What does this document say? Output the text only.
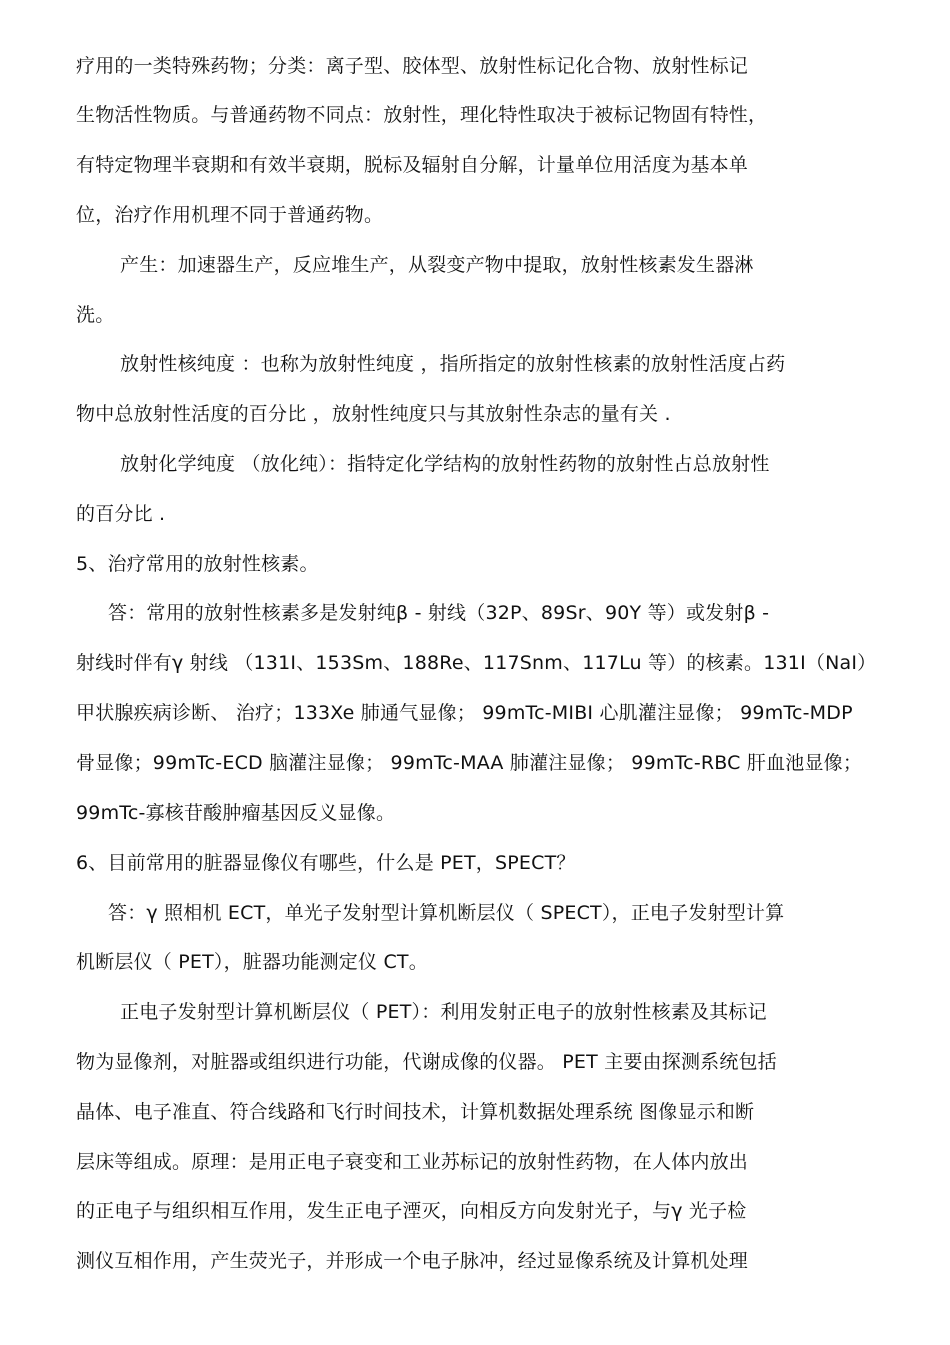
疗用的一类特殊药物；分类：离子型、胶体型、放射性标记化合物、放射性标记
生物活性物质。与普通药物不同点：放射性，理化特性取决于被标记物固有特性，
有特定物理半衰期和有效半衰期，脱标及辐射自分解，计量单位用活度为基本单
位，治疗作用机理不同于普通药物。
产生：加速器生产，反应堆生产，从裂变产物中提取，放射性核素发生器淋
洗。
放射性核纯度 ：也称为放射性纯度 ，指所指定的放射性核素的放射性活度占药
物中总放射性活度的百分比 ，放射性纯度只与其放射性杂志的量有关 .
放射化学纯度 （放化纯）：指特定化学结构的放射性药物的放射性占总放射性
的百分比 .
5、治疗常用的放射性核素。
答：常用的放射性核素多是发射纯β - 射线（32P、89Sr、90Y 等）或发射β -
射线时伴有γ 射线 （131I、153Sm、188Re、117Snm、117Lu 等）的核素。131I（NaI）
甲状腺疾病诊断、 治疗；133Xe 肺通气显像； 99mTc-MIBI 心肌灌注显像； 99mTc-MDP
骨显像；99mTc-ECD 脑灌注显像； 99mTc-MAA 肺灌注显像； 99mTc-RBC 肝血池显像；
99mTc-寡核苷酸肿瘤基因反义显像。
6、目前常用的脏器显像仪有哪些，什么是 PET，SPECT？
答：γ 照相机 ECT，单光子发射型计算机断层仪（ SPECT），正电子发射型计算
机断层仪（ PET），脏器功能测定仪 CT。
正电子发射型计算机断层仪（ PET）：利用发射正电子的放射性核素及其标记
物为显像剂，对脏器或组织进行功能，代谢成像的仪器。 PET 主要由探测系统包括
晶体、电子准直、符合线路和飞行时间技术，计算机数据处理系统 图像显示和断
层床等组成。原理：是用正电子衰变和工业苏标记的放射性药物，在人体内放出
的正电子与组织相互作用，发生正电子湮灭，向相反方向发射光子，与γ 光子检
测仪互相作用，产生荧光子，并形成一个电子脉冲，经过显像系统及计算机处理
